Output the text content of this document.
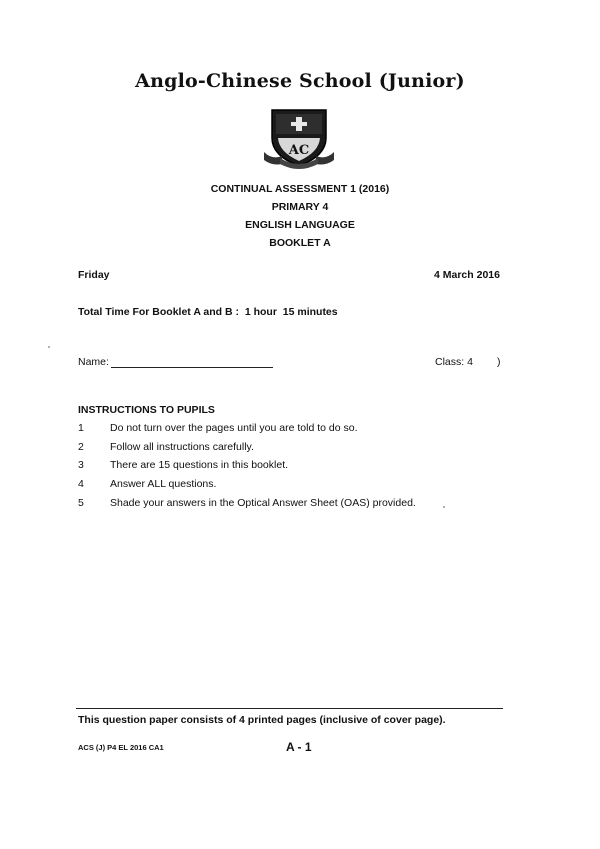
Anglo-Chinese School (Junior)
AC
CONTINUAL ASSESSMENT 1 (2016)
PRIMARY 4
ENGLISH LANGUAGE
BOOKLET A
Friday	4 March 2016
Total Time For Booklet A and B :  1 hour  15 minutes
Name:	Class: 4 )
INSTRUCTIONS TO PUPILS
1 Do not turn over the pages until you are told to do so.
2 Follow all instructions carefully.
3 There are 15 questions in this booklet.
4 Answer ALL questions.
5 Shade your answers in the Optical Answer Sheet (OAS) provided.
This question paper consists of 4 printed pages (inclusive of cover page).
ACS (J) P4 EL 2016 CA1	A - 1
